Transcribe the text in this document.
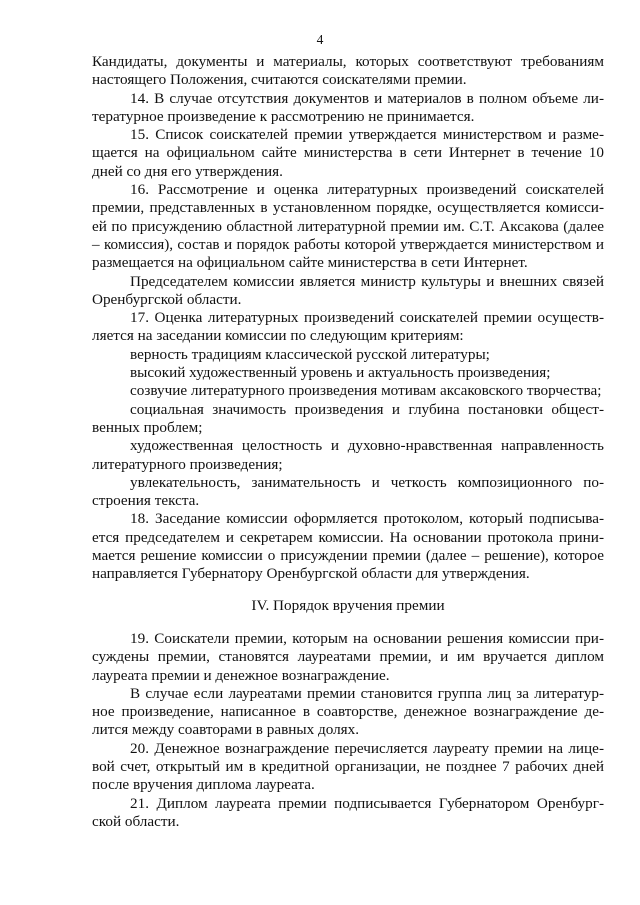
4

Кандидаты, документы и материалы, которых соответствуют требованиям настоящего Положения, считаются соискателями премии.

14. В случае отсутствия документов и материалов в полном объеме литературное произведение к рассмотрению не принимается.

15. Список соискателей премии утверждается министерством и размещается на официальном сайте министерства в сети Интернет в течение 10 дней со дня его утверждения.

16. Рассмотрение и оценка литературных произведений соискателей премии, представленных в установленном порядке, осуществляется комиссией по присуждению областной литературной премии им. С.Т. Аксакова (далее – комиссия), состав и порядок работы которой утверждается министерством и размещается на официальном сайте министерства в сети Интернет.

Председателем комиссии является министр культуры и внешних связей Оренбургской области.

17. Оценка литературных произведений соискателей премии осуществляется на заседании комиссии по следующим критериям:

верность традициям классической русской литературы;

высокий художественный уровень и актуальность произведения;

созвучие литературного произведения мотивам аксаковского творчества;

социальная значимость произведения и глубина постановки общественных проблем;

художественная целостность и духовно-нравственная направленность литературного произведения;

увлекательность, занимательность и четкость композиционного построения текста.

18. Заседание комиссии оформляется протоколом, который подписывается председателем и секретарем комиссии. На основании протокола принимается решение комиссии о присуждении премии (далее – решение), которое направляется Губернатору Оренбургской области для утверждения.

IV. Порядок вручения премии

19. Соискатели премии, которым на основании решения комиссии присуждены премии, становятся лауреатами премии, и им вручается диплом лауреата премии и денежное вознаграждение.

В случае если лауреатами премии становится группа лиц за литературное произведение, написанное в соавторстве, денежное вознаграждение делится между соавторами в равных долях.

20. Денежное вознаграждение перечисляется лауреату премии на лицевой счет, открытый им в кредитной организации, не позднее 7 рабочих дней после вручения диплома лауреата.

21. Диплом лауреата премии подписывается Губернатором Оренбургской области.
